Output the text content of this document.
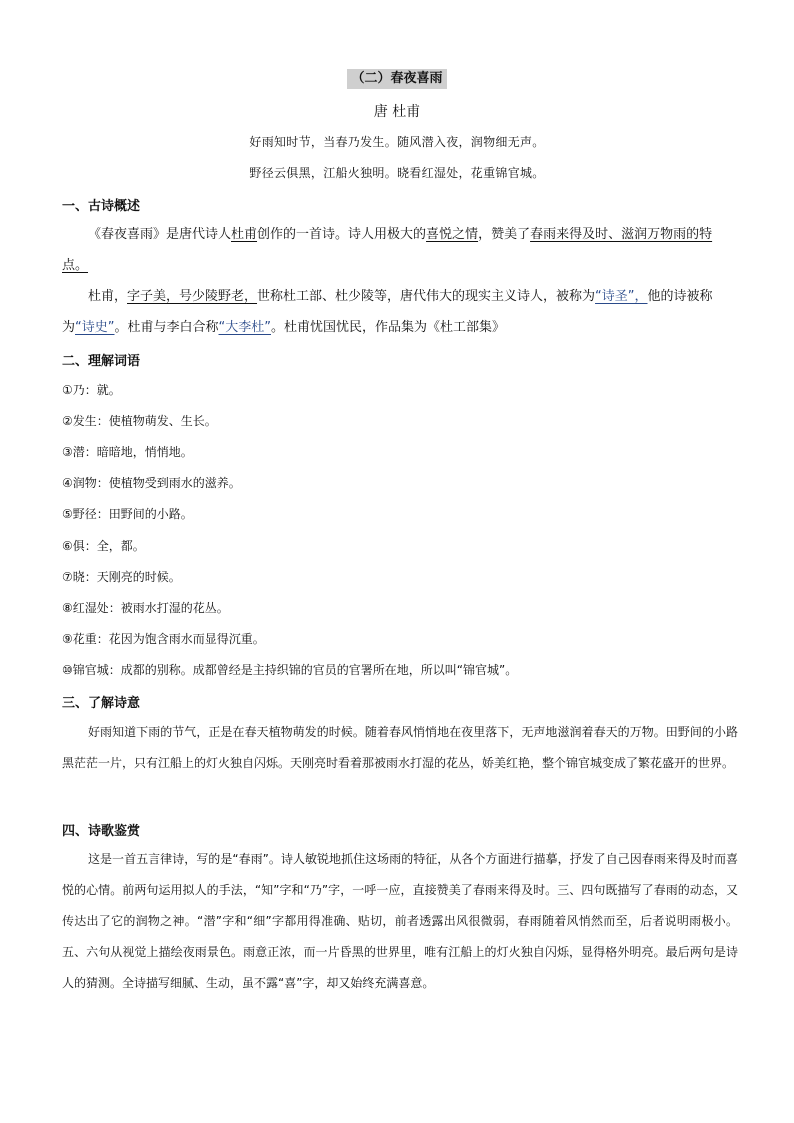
（二）春夜喜雨
唐 杜甫
好雨知时节，当春乃发生。随风潜入夜，润物细无声。
野径云俱黑，江船火独明。晓看红湿处，花重锦官城。
一、古诗概述

《春夜喜雨》是唐代诗人杜甫创作的一首诗。诗人用极大的喜悦之情，赞美了春雨来得及时、滋润万物雨的特点。

杜甫，字子美，号少陵野老，世称杜工部、杜少陵等，唐代伟大的现实主义诗人，被称为“诗圣”，他的诗被称为“诗史”。杜甫与李白合称“大李杜”。杜甫忧国忧民，作品集为《杜工部集》

二、理解词语
①乃：就。
②发生：使植物萌发、生长。
③潜：暗暗地，悄悄地。
④润物：使植物受到雨水的滋养。
⑤野径：田野间的小路。
⑥俱：全，都。
⑦晓：天刚亮的时候。
⑧红湿处：被雨水打湿的花丛。
⑨花重：花因为饱含雨水而显得沉重。
⑩锦官城：成都的别称。成都曾经是主持织锦的官员的官署所在地，所以叫“锦官城”。
三、了解诗意

好雨知道下雨的节气，正是在春天植物萌发的时候。随着春风悄悄地在夜里落下，无声地滋润着春天的万物。田野间的小路黑茫茫一片，只有江船上的灯火独自闪烁。天刚亮时看着那被雨水打湿的花丛，娇美红艳，整个锦官城变成了繁花盛开的世界。

四、诗歌鉴赏

这是一首五言律诗，写的是“春雨”。诗人敏锐地抓住这场雨的特征，从各个方面进行描摹，抒发了自己因春雨来得及时而喜悦的心情。前两句运用拟人的手法，“知”字和“乃”字，一呼一应，直接赞美了春雨来得及时。三、四句既描写了春雨的动态，又传达出了它的润物之神。“潜”字和“细”字都用得准确、贴切，前者透露出风很微弱，春雨随着风悄然而至，后者说明雨极小。五、六句从视觉上描绘夜雨景色。雨意正浓，而一片昏黑的世界里，唯有江船上的灯火独自闪烁，显得格外明亮。最后两句是诗人的猜测。全诗描写细腻、生动，虽不露“喜”字，却又始终充满喜意。
